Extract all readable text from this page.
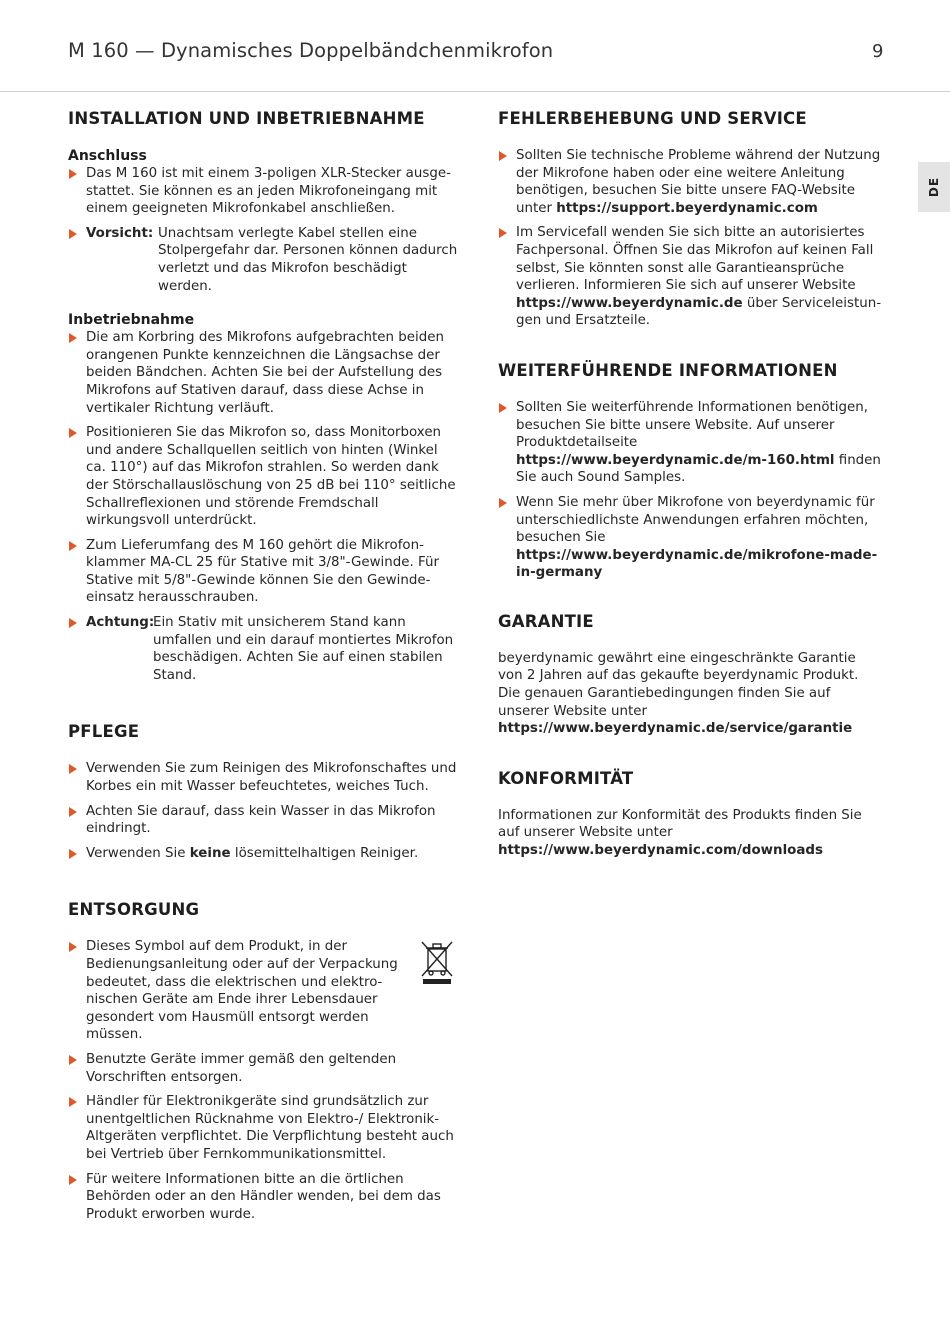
M 160 — Dynamisches Doppelbändchenmikrofon	9
DE
INSTALLATION UND INBETRIEBNAHME
Anschluss
Das M 160 ist mit einem 3-poligen XLR-Stecker ausgestattet. Sie können es an jeden Mikrofoneingang mit einem geeigneten Mikrofonkabel anschließen.
Vorsicht: Unachtsam verlegte Kabel stellen eine Stolpergefahr dar. Personen können dadurch verletzt und das Mikrofon beschädigt werden.
Inbetriebnahme
Die am Korbring des Mikrofons aufgebrachten beiden orangenen Punkte kennzeichnen die Längsachse der beiden Bändchen. Achten Sie bei der Aufstellung des Mikrofons auf Stativen darauf, dass diese Achse in vertikaler Richtung verläuft.
Positionieren Sie das Mikrofon so, dass Monitorboxen und andere Schallquellen seitlich von hinten (Winkel ca. 110°) auf das Mikrofon strahlen. So werden dank der Störschallauslöschung von 25 dB bei 110° seitliche Schallreflexionen und störende Fremdschall wirkungsvoll unterdrückt.
Zum Lieferumfang des M 160 gehört die Mikrofonklammer MA-CL 25 für Stative mit 3/8"-Gewinde. Für Stative mit 5/8"-Gewinde können Sie den Gewindeeinsatz herausschrauben.
Achtung:
Ein Stativ mit unsicherem Stand kann umfallen und ein darauf montiertes Mikrofon beschädigen. Achten Sie auf einen stabilen Stand.
PFLEGE
Verwenden Sie zum Reinigen des Mikrofonschaftes und Korbes ein mit Wasser befeuchtetes, weiches Tuch.
Achten Sie darauf, dass kein Wasser in das Mikrofon eindringt.
Verwenden Sie keine lösemittelhaltigen Reiniger.
ENTSORGUNG
Dieses Symbol auf dem Produkt, in der Bedienungsanleitung oder auf der Verpackung bedeutet, dass die elektrischen und elektronischen Geräte am Ende ihrer Lebensdauer gesondert vom Hausmüll entsorgt werden müssen.
Benutzte Geräte immer gemäß den geltenden Vorschriften entsorgen.
Händler für Elektronikgeräte sind grundsätzlich zur unentgeltlichen Rücknahme von Elektro-/ Elektronik-Altgeräten verpflichtet. Die Verpflichtung besteht auch bei Vertrieb über Fernkommunikationsmittel.
Für weitere Informationen bitte an die örtlichen Behörden oder an den Händler wenden, bei dem das Produkt erworben wurde.
FEHLERBEHEBUNG UND SERVICE
Sollten Sie technische Probleme während der Nutzung der Mikrofone haben oder eine weitere Anleitung benötigen, besuchen Sie bitte unsere FAQ-Website unter https://support.beyerdynamic.com
Im Servicefall wenden Sie sich bitte an autorisiertes Fachpersonal. Öffnen Sie das Mikrofon auf keinen Fall selbst, Sie könnten sonst alle Garantieansprüche verlieren. Informieren Sie sich auf unserer Website https://www.beyerdynamic.de über Serviceleistungen und Ersatzteile.
WEITERFÜHRENDE INFORMATIONEN
Sollten Sie weiterführende Informationen benötigen, besuchen Sie bitte unsere Website. Auf unserer Produktdetailseite https://www.beyerdynamic.de/m-160.html finden Sie auch Sound Samples.
Wenn Sie mehr über Mikrofone von beyerdynamic für unterschiedlichste Anwendungen erfahren möchten, besuchen Sie https://www.beyerdynamic.de/mikrofone-made-in-germany
GARANTIE

beyerdynamic gewährt eine eingeschränkte Garantie von 2 Jahren auf das gekaufte beyerdynamic Produkt. Die genauen Garantiebedingungen finden Sie auf unserer Website unter https://www.beyerdynamic.de/service/garantie

KONFORMITÄT

Informationen zur Konformität des Produkts finden Sie auf unserer Website unter https://www.beyerdynamic.com/downloads
